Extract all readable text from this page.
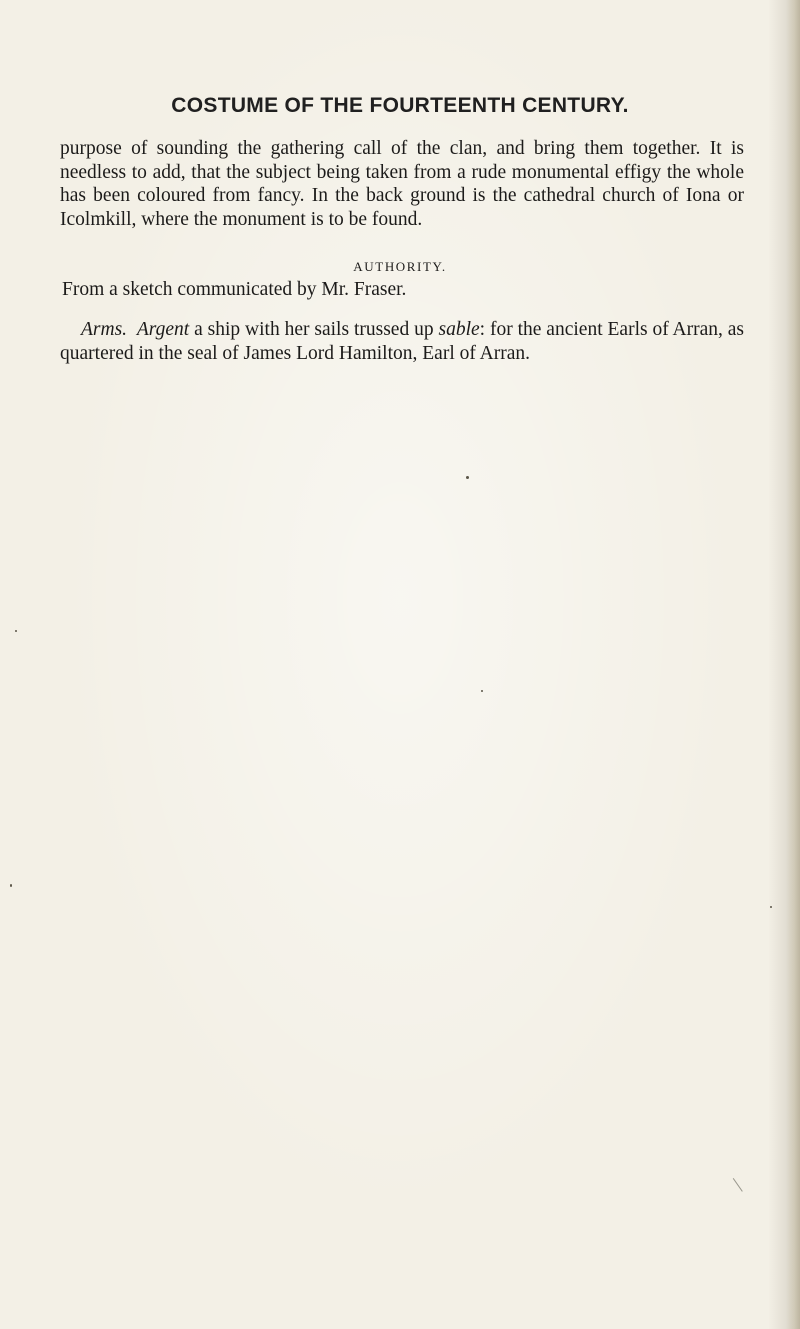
COSTUME OF THE FOURTEENTH CENTURY.
purpose of sounding the gathering call of the clan, and bring them together. It is needless to add, that the subject being taken from a rude monumental effigy the whole has been coloured from fancy. In the back ground is the cathedral church of Iona or Icolmkill, where the monument is to be found.
AUTHORITY.
From a sketch communicated by Mr. Fraser.
Arms. Argent a ship with her sails trussed up sable: for the ancient Earls of Arran, as quartered in the seal of James Lord Hamilton, Earl of Arran.
